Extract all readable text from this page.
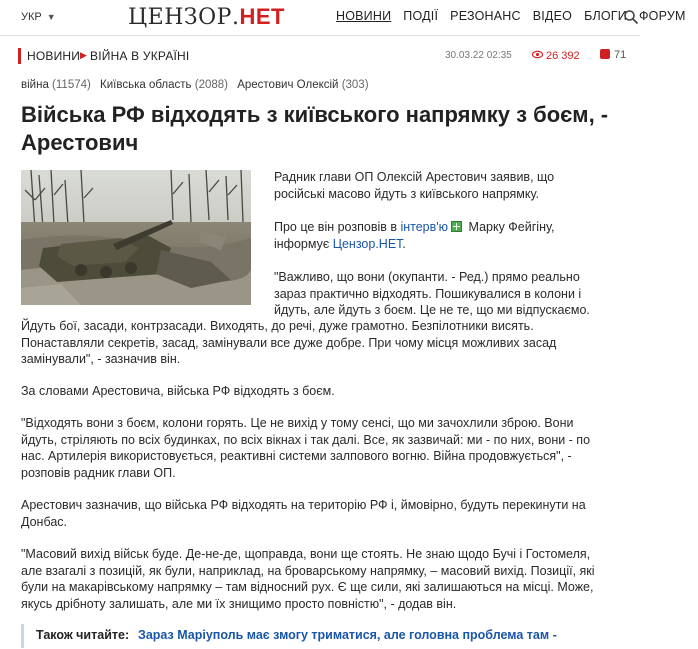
УКР ▼	ЦЕНЗОР.НЕТ	НОВИНИ ПОДІЇ РЕЗОНАНС ВІДЕО БЛОГИ ФОРУМ
НОВИНИ ▶ ВІЙНА В УКРАЇНІ	30.03.22 02:35	26 392	71
війна (11574) Київська область (2088) Арестович Олексій (303)
Війська РФ відходять з київського напрямку з боєм, - Арестович
Радник глави ОП Олексій Арестович заявив, що
російські масово йдуть з київського напрямку.
Про це він розповів в інтерв'ю Марку Фейгіну,
інформує Цензор.НЕТ.
"Важливо, що вони (окупанти. - Ред.) прямо реально
зараз практично відходять. Пошикувалися в колони і
йдуть, але йдуть з боєм. Це не те, що ми відпускаємо.
Йдуть бої, засади, контрзасади. Виходять, до речі, дуже грамотно. Безпілотники висять.
Понаставляли секретів, засад, замінували все дуже добре. При чому місця можливих засад
замінували", - зазначив він.
За словами Арестовича, війська РФ відходять з боєм.
"Відходять вони з боєм, колони горять. Це не вихід у тому сенсі, що ми зачохлили зброю. Вони
йдуть, стріляють по всіх будинках, по всіх вікнах і так далі. Все, як зазвичай: ми - по них, вони - по
нас. Артилерія використовується, реактивні системи залпового вогню. Війна продовжується", -
розповів радник глави ОП.
Арестович зазначив, що війська РФ відходять на територію РФ і, ймовірно, будуть перекинути на
Донбас.
"Масовий вихід військ буде. Де-не-де, щоправда, вони ще стоять. Не знаю щодо Бучі і Гостомеля,
але взагалі з позицій, як були, наприклад, на броварському напрямку, – масовий вихід. Позиції, які
були на макарівському напрямку – там відносний рух. Є ще сили, які залишаються на місці. Може,
якусь дрібноту залишать, але ми їх знищимо просто повністю", - додав він.
Також читайте: Зараз Маріуполь має змогу триматися, але головна проблема там -
